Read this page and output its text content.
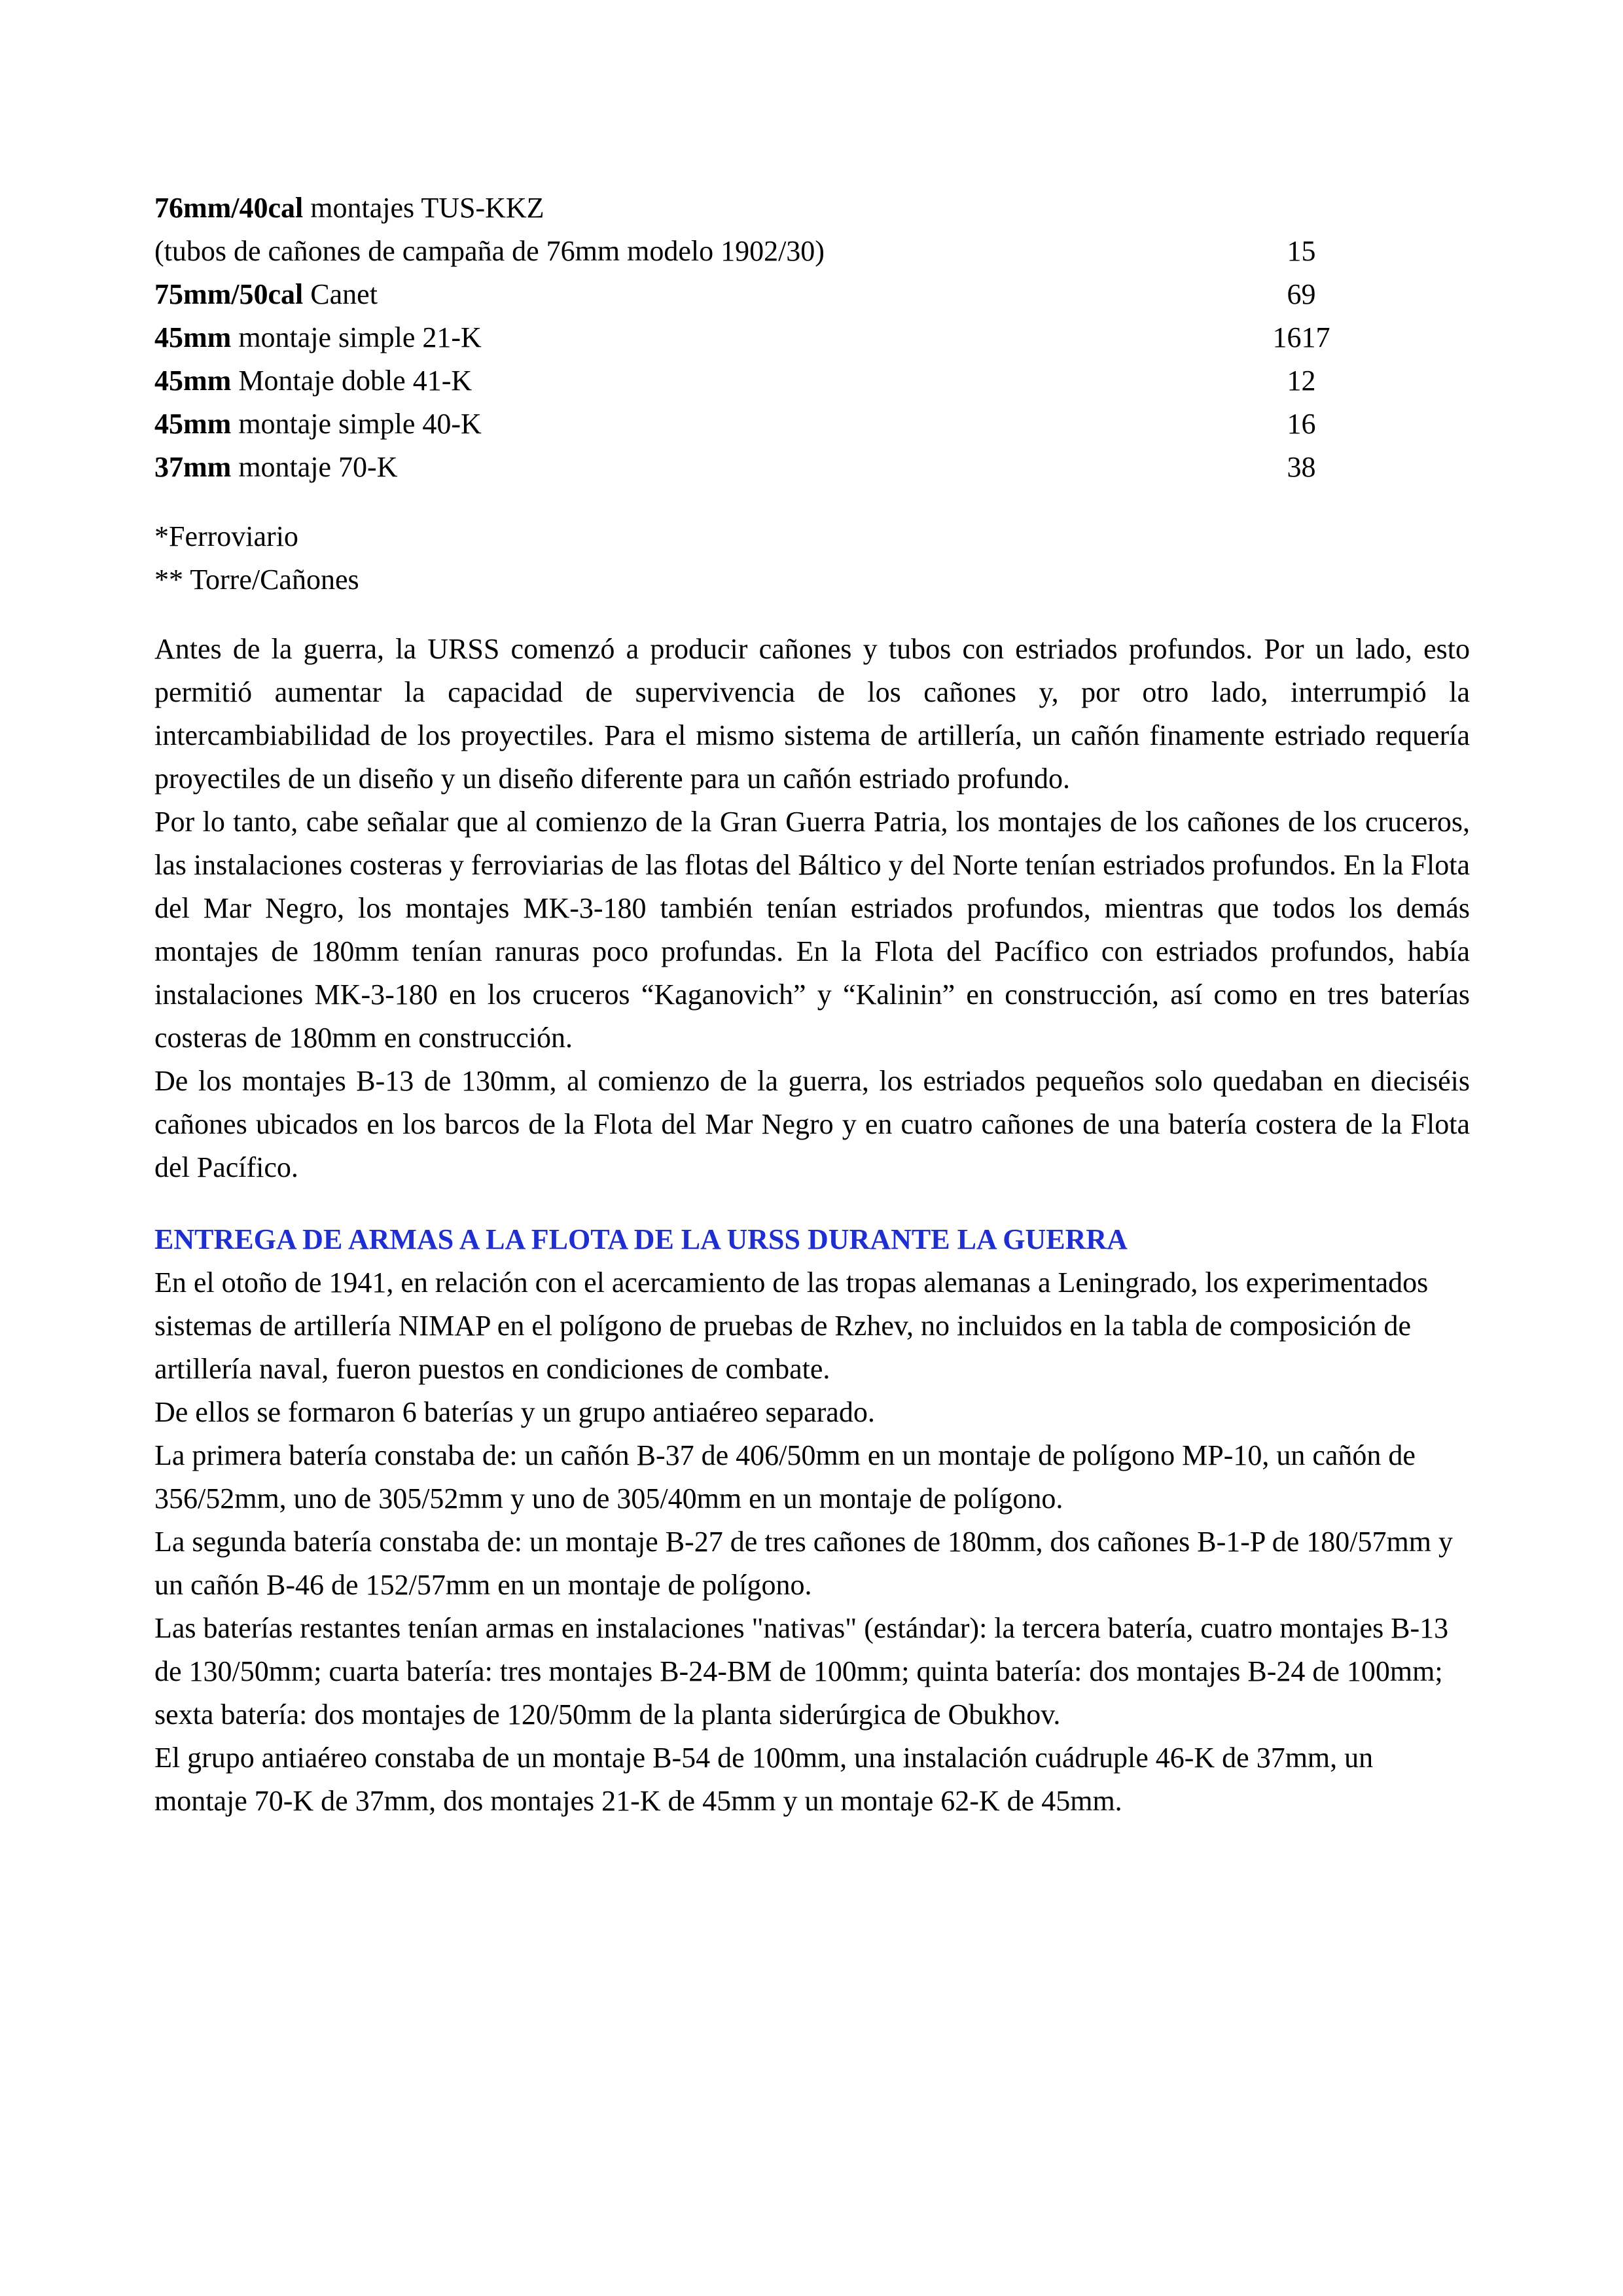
76mm/40cal montajes TUS-KKZ
(tubos de cañones de campaña de 76mm modelo 1902/30)	15
75mm/50cal Canet	69
45mm montaje simple 21-K	1617
45mm Montaje doble 41-K	12
45mm montaje simple 40-K	16
37mm montaje 70-K	38

*Ferroviario

** Torre/Cañones

Antes de la guerra, la URSS comenzó a producir cañones y tubos con estriados profundos. Por un lado, esto permitió aumentar la capacidad de supervivencia de los cañones y, por otro lado, interrumpió la intercambiabilidad de los proyectiles. Para el mismo sistema de artillería, un cañón finamente estriado requería proyectiles de un diseño y un diseño diferente para un cañón estriado profundo.

Por lo tanto, cabe señalar que al comienzo de la Gran Guerra Patria, los montajes de los cañones de los cruceros, las instalaciones costeras y ferroviarias de las flotas del Báltico y del Norte tenían estriados profundos. En la Flota del Mar Negro, los montajes MK-3-180 también tenían estriados profundos, mientras que todos los demás montajes de 180mm tenían ranuras poco profundas. En la Flota del Pacífico con estriados profundos, había instalaciones MK-3-180 en los cruceros “Kaganovich” y “Kalinin” en construcción, así como en tres baterías costeras de 180mm en construcción.

De los montajes B-13 de 130mm, al comienzo de la guerra, los estriados pequeños solo quedaban en dieciséis cañones ubicados en los barcos de la Flota del Mar Negro y en cuatro cañones de una batería costera de la Flota del Pacífico.

ENTREGA DE ARMAS A LA FLOTA DE LA URSS DURANTE LA GUERRA

En el otoño de 1941, en relación con el acercamiento de las tropas alemanas a Leningrado, los experimentados sistemas de artillería NIMAP en el polígono de pruebas de Rzhev, no incluidos en la tabla de composición de artillería naval, fueron puestos en condiciones de combate.

De ellos se formaron 6 baterías y un grupo antiaéreo separado.

La primera batería constaba de: un cañón B-37 de 406/50mm en un montaje de polígono MP-10, un cañón de 356/52mm, uno de 305/52mm y uno de 305/40mm en un montaje de polígono.

La segunda batería constaba de: un montaje B-27 de tres cañones de 180mm, dos cañones B-1-P de 180/57mm y un cañón B-46 de 152/57mm en un montaje de polígono.

Las baterías restantes tenían armas en instalaciones "nativas" (estándar): la tercera batería, cuatro montajes B-13 de 130/50mm; cuarta batería: tres montajes B-24-BM de 100mm; quinta batería: dos montajes B-24 de 100mm; sexta batería: dos montajes de 120/50mm de la planta siderúrgica de Obukhov.

El grupo antiaéreo constaba de un montaje B-54 de 100mm, una instalación cuádruple 46-K de 37mm, un montaje 70-K de 37mm, dos montajes 21-K de 45mm y un montaje 62-K de 45mm.
